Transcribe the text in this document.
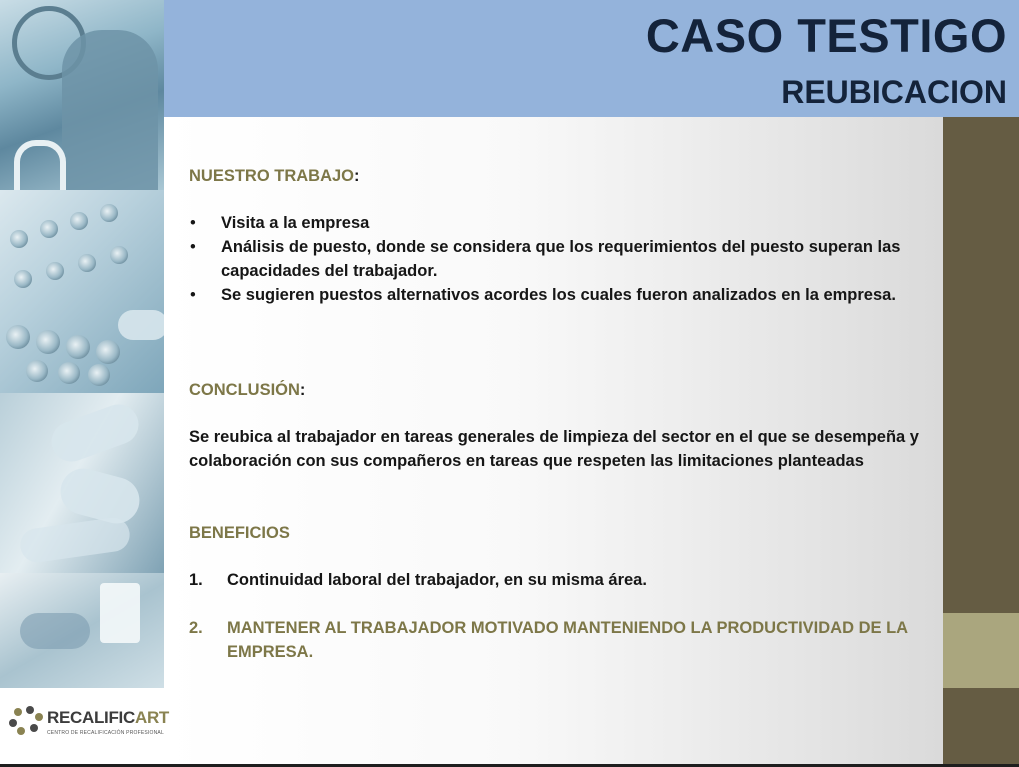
CASO TESTIGO
REUBICACION

NUESTRO TRABAJO:

• Visita a la empresa
• Análisis de puesto, donde se considera que los requerimientos del puesto superan las capacidades del trabajador.
• Se sugieren puestos alternativos acordes los cuales fueron analizados en la empresa.

CONCLUSIÓN:

Se reubica al trabajador en tareas generales de limpieza del sector en el que se desempeña y colaboración con sus compañeros en tareas que respeten las limitaciones planteadas

BENEFICIOS

1. Continuidad laboral del trabajador, en su misma área.
2. MANTENER AL TRABAJADOR MOTIVADO MANTENIENDO LA PRODUCTIVIDAD DE LA EMPRESA.

RECALIFICART

CENTRO DE RECALIFICACIÓN PROFESIONAL
